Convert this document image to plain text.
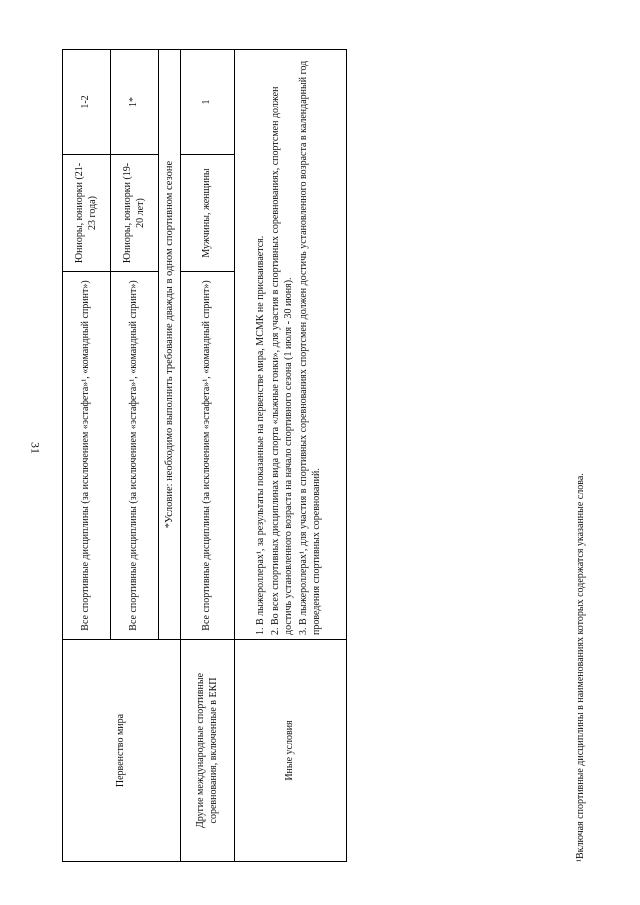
31
Первенство мира	Все спортивные дисциплины (за исключением «эстафета»¹, «командный спринт»)	Юниоры, юниорки (21-23 года)	1-2
	Все спортивные дисциплины (за исключением «эстафета»¹, «командный спринт»)	Юниоры, юниорки (19-20 лет)	1*
	*Условие: необходимо выполнить требование дважды в одном спортивном сезоне		
Другие международные спортивные соревнования, включенные в ЕКП	Все спортивные дисциплины (за исключением «эстафета»¹, «командный спринт»)	Мужчины, женщины	1
Иные условия	1. В лыжероллерах¹, за результаты показанные на первенстве мира, МСМК не присваивается. 2. Во всех спортивных дисциплинах вида спорта «лыжные гонки», для участия в спортивных соревнованиях, спортсмен должен достичь установленного возраста на начало спортивного сезона (1 июля - 30 июня). 3. В лыжероллерах¹, для участия в спортивных соревнованиях спортсмен должен достичь установленного возраста в календарный год проведения спортивных соревнований.			¹Включая спортивные дисциплины в наименованиях которых содержатся указанные слова.
